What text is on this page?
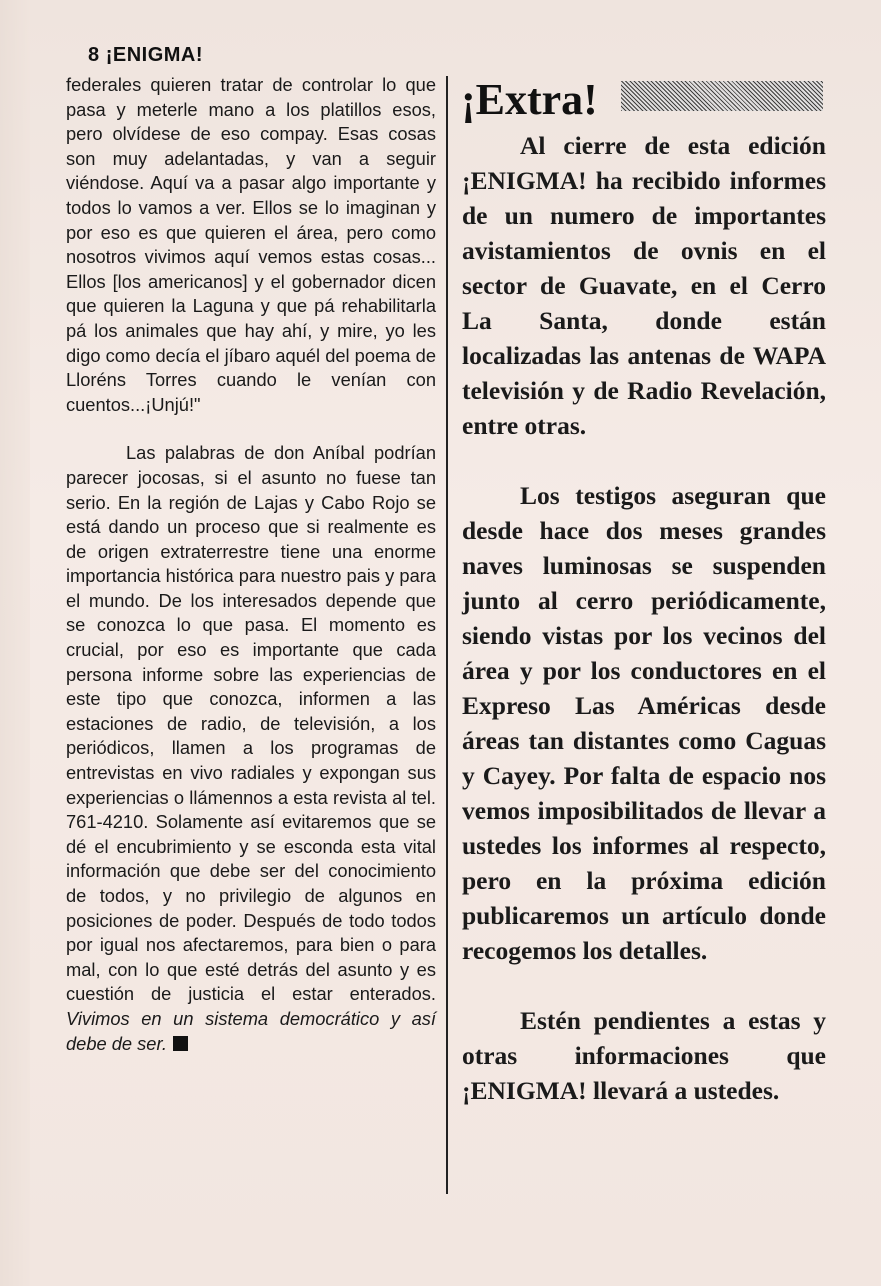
8 ¡ENIGMA!

federales quieren tratar de controlar lo que pasa y meterle mano a los platillos esos, pero olvídese de eso compay. Esas cosas son muy adelantadas, y van a seguir viéndose. Aquí va a pasar algo importante y todos lo vamos a ver. Ellos se lo imaginan y por eso es que quieren el área, pero como nosotros vivimos aquí vemos estas cosas... Ellos [los americanos] y el gobernador dicen que quieren la Laguna y que pá rehabilitarla pá los animales que hay ahí, y mire, yo les digo como decía el jíbaro aquél del poema de Lloréns Torres cuando le venían con cuentos...¡Unjú!"

Las palabras de don Aníbal podrían parecer jocosas, si el asunto no fuese tan serio. En la región de Lajas y Cabo Rojo se está dando un proceso que si realmente es de origen extraterrestre tiene una enorme importancia histórica para nuestro pais y para el mundo. De los interesados depende que se conozca lo que pasa. El momento es crucial, por eso es importante que cada persona informe sobre las experiencias de este tipo que conozca, informen a las estaciones de radio, de televisión, a los periódicos, llamen a los programas de entrevistas en vivo radiales y expongan sus experiencias o llámennos a esta revista al tel. 761-4210. Solamente así evitaremos que se dé el encubrimiento y se esconda esta vital información que debe ser del conocimiento de todos, y no privilegio de algunos en posiciones de poder. Después de todo todos por igual nos afectaremos, para bien o para mal, con lo que esté detrás del asunto y es cuestión de justicia el estar enterados. Vivimos en un sistema democrático y así debe de ser.

¡Extra!

Al cierre de esta edición ¡ENIGMA! ha recibido informes de un numero de importantes avistamientos de ovnis en el sector de Guavate, en el Cerro La Santa, donde están localizadas las antenas de WAPA televisión y de Radio Revelación, entre otras.

Los testigos aseguran que desde hace dos meses grandes naves luminosas se suspenden junto al cerro periódicamente, siendo vistas por los vecinos del área y por los conductores en el Expreso Las Américas desde áreas tan distantes como Caguas y Cayey. Por falta de espacio nos vemos imposibilitados de llevar a ustedes los informes al respecto, pero en la próxima edición publicaremos un artículo donde recogemos los detalles.

Estén pendientes a estas y otras informaciones que ¡ENIGMA! llevará a ustedes.
